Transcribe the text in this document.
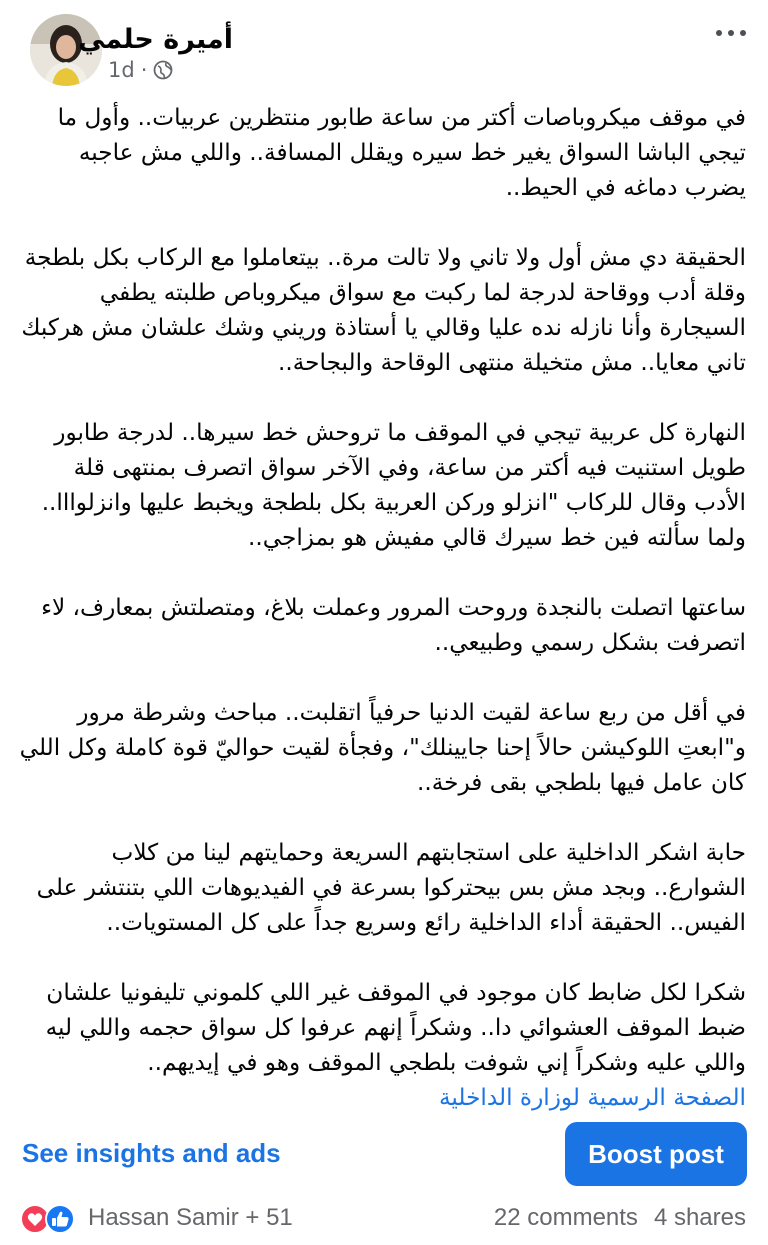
أميرة حلمي
1d ·

في موقف ميكروباصات أكتر من ساعة طابور منتظرين عربيات.. وأول ما تيجي الباشا السواق يغير خط سيره ويقلل المسافة.. واللي مش عاجبه يضرب دماغه في الحيط..

الحقيقة دي مش أول ولا تاني ولا تالت مرة.. بيتعاملوا مع الركاب بكل بلطجة وقلة أدب ووقاحة لدرجة لما ركبت مع سواق ميكروباص طلبته يطفي السيجارة وأنا نازله نده عليا وقالي يا أستاذة وريني وشك علشان مش هركبك تاني معايا.. مش متخيلة منتهى الوقاحة والبجاحة..

النهارة كل عربية تيجي في الموقف ما تروحش خط سيرها.. لدرجة طابور طويل استنيت فيه أكتر من ساعة، وفي الآخر سواق اتصرف بمنتهى قلة الأدب وقال للركاب "انزلو وركن العربية بكل بلطجة ويخبط عليها وانزلوااا.. ولما سألته فين خط سيرك قالي مفيش هو بمزاجي..

ساعتها اتصلت بالنجدة وروحت المرور وعملت بلاغ، ومتصلتش بمعارف، لاء اتصرفت بشكل رسمي وطبيعي..

في أقل من ربع ساعة لقيت الدنيا حرفياً اتقلبت.. مباحث وشرطة مرور و"ابعتِ اللوكيشن حالاً إحنا جايينلك"، وفجأة لقيت حواليّ قوة كاملة وكل اللي كان عامل فيها بلطجي بقى فرخة..

حابة اشكر الداخلية على استجابتهم السريعة وحمايتهم لينا من كلاب الشوارع.. وبجد مش بس بيحتركوا بسرعة في الفيديوهات اللي بتنتشر على الفيس.. الحقيقة أداء الداخلية رائع وسريع جداً على كل المستويات..

شكرا لكل ضابط كان موجود في الموقف غير اللي كلموني تليفونيا علشان ضبط الموقف العشوائي دا.. وشكراً إنهم عرفوا كل سواق حجمه واللي ليه واللي عليه وشكراً إني شوفت بلطجي الموقف وهو في إيديهم..

الصفحة الرسمية لوزارة الداخلية
See insights and ads	Boost post
Hassan Samir + 51	22 comments 4 shares
